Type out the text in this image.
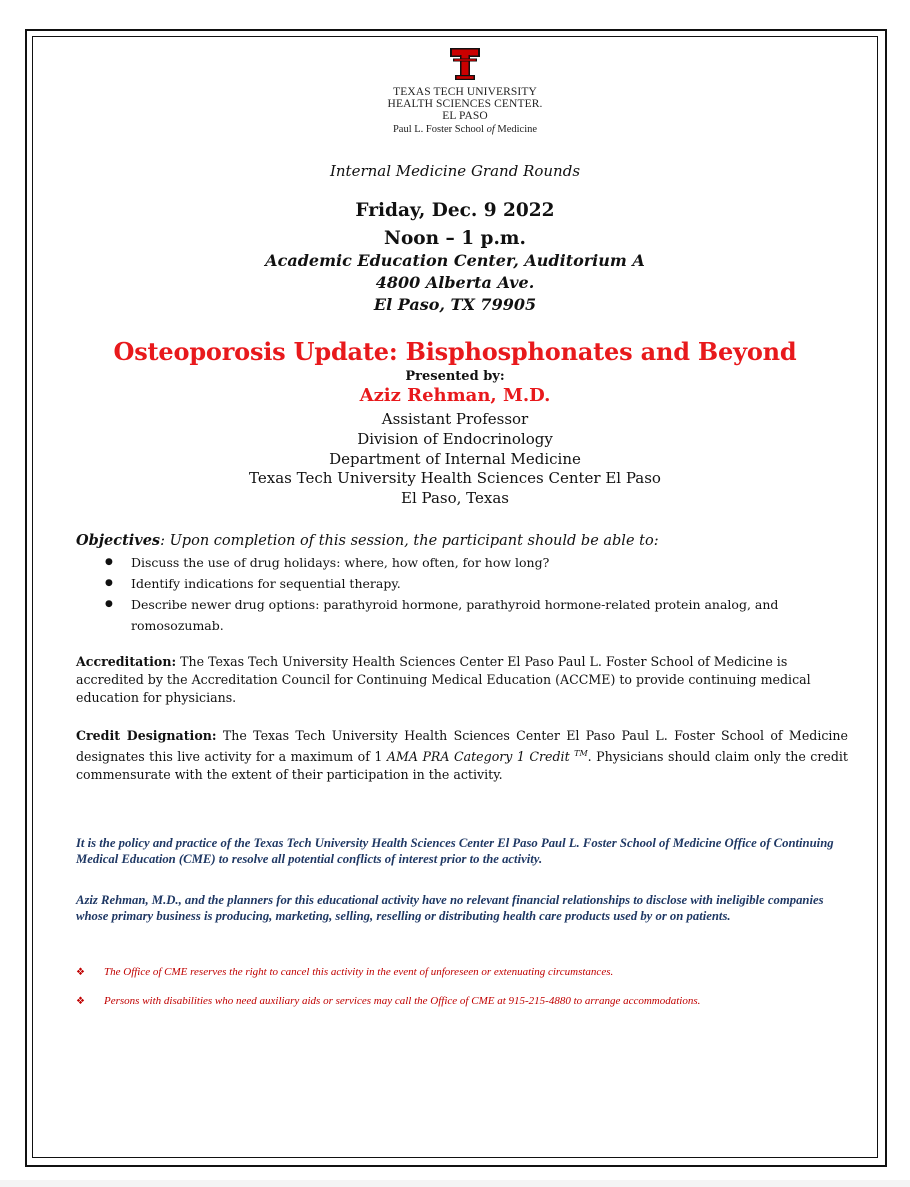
TEXAS TECH UNIVERSITY
HEALTH SCIENCES CENTER.
EL PASO
Paul L. Foster School of Medicine
Internal Medicine Grand Rounds
Friday, Dec. 9 2022
Noon – 1 p.m.
Academic Education Center, Auditorium A
4800 Alberta Ave.
El Paso, TX 79905
Osteoporosis Update: Bisphosphonates and Beyond
Presented by:
Aziz Rehman, M.D.
Assistant Professor
Division of Endocrinology
Department of Internal Medicine
Texas Tech University Health Sciences Center El Paso
El Paso, Texas
Objectives: Upon completion of this session, the participant should be able to:
● Discuss the use of drug holidays: where, how often, for how long?
● Identify indications for sequential therapy.
● Describe newer drug options: parathyroid hormone, parathyroid hormone-related protein analog, and romosozumab.
Accreditation: The Texas Tech University Health Sciences Center El Paso Paul L. Foster School of Medicine is accredited by the Accreditation Council for Continuing Medical Education (ACCME) to provide continuing medical education for physicians.
Credit Designation: The Texas Tech University Health Sciences Center El Paso Paul L. Foster School of Medicine designates this live activity for a maximum of 1 AMA PRA Category 1 Credit ™. Physicians should claim only the credit commensurate with the extent of their participation in the activity.
It is the policy and practice of the Texas Tech University Health Sciences Center El Paso Paul L. Foster School of Medicine Office of Continuing Medical Education (CME) to resolve all potential conflicts of interest prior to the activity.
Aziz Rehman, M.D., and the planners for this educational activity have no relevant financial relationships to disclose with ineligible companies whose primary business is producing, marketing, selling, reselling or distributing health care products used by or on patients.
❖ The Office of CME reserves the right to cancel this activity in the event of unforeseen or extenuating circumstances.
❖ Persons with disabilities who need auxiliary aids or services may call the Office of CME at 915-215-4880 to arrange accommodations.
